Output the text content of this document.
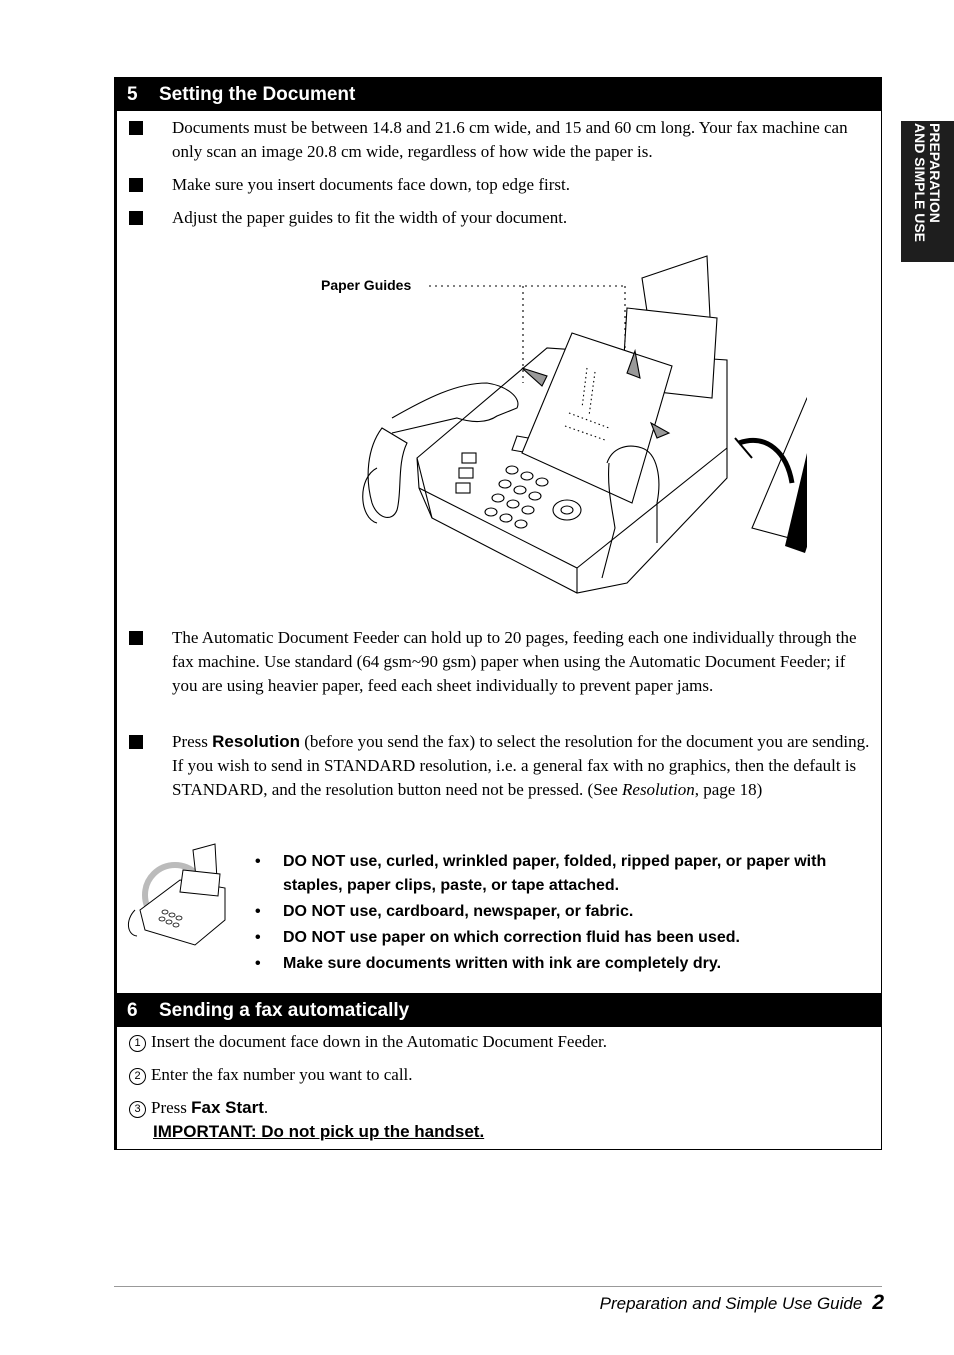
PREPARATION
AND SIMPLE USE
5 Setting the Document
Documents must be between 14.8 and 21.6 cm wide, and 15 and 60 cm long. Your fax machine can only scan an image 20.8 cm wide, regardless of how wide the paper is.
Make sure you insert documents face down, top edge first.
Adjust the paper guides to fit the width of your document.
Paper Guides
The Automatic Document Feeder can hold up to 20 pages, feeding each one individually through the fax machine. Use standard (64 gsm~90 gsm) paper when using the Automatic Document Feeder; if you are using heavier paper, feed each sheet individually to prevent paper jams.
Press Resolution (before you send the fax) to select the resolution for the document you are sending. If you wish to send in STANDARD resolution, i.e. a general fax with no graphics, then the default is STANDARD, and the resolution button need not be pressed. (See Resolution, page 18)
• DO NOT use, curled, wrinkled paper, folded, ripped paper, or paper with staples, paper clips, paste, or tape attached.
• DO NOT use, cardboard, newspaper, or fabric.
• DO NOT use paper on which correction fluid has been used.
• Make sure documents written with ink are completely dry.
6 Sending a fax automatically
1 Insert the document face down in the Automatic Document Feeder.
2 Enter the fax number you want to call.
3 Press Fax Start.
IMPORTANT: Do not pick up the handset.
Preparation and Simple Use Guide 2
